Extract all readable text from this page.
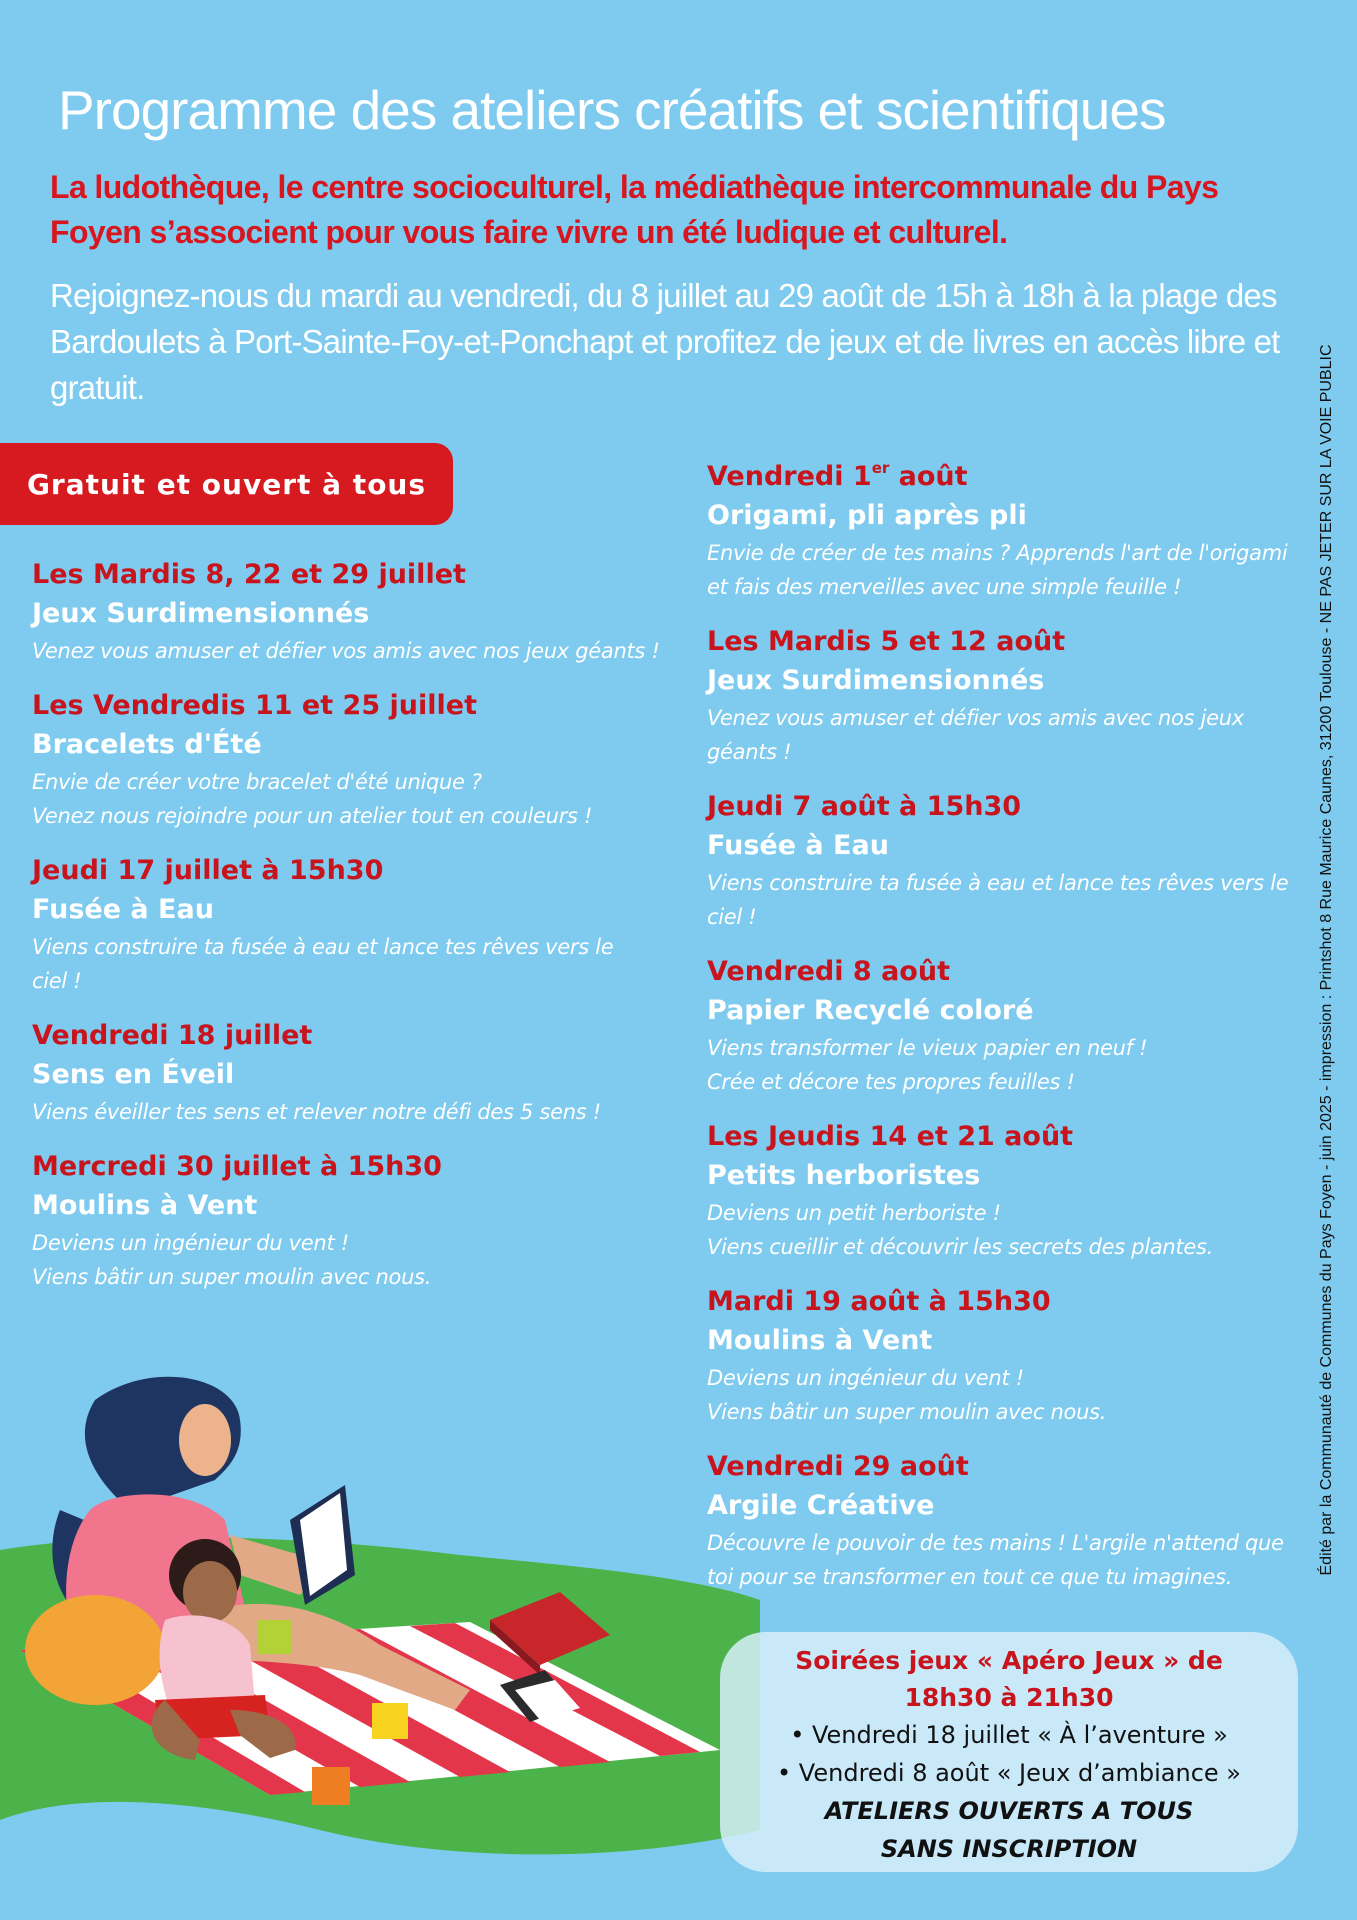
Programme des ateliers créatifs et scientifiques
La ludothèque, le centre socioculturel, la médiathèque intercommunale du Pays Foyen s’associent pour vous faire vivre un été ludique et culturel.
Rejoignez-nous du mardi au vendredi, du 8 juillet au 29 août de 15h à 18h à la plage des Bardoulets à Port-Sainte-Foy-et-Ponchapt et profitez de jeux et de livres en accès libre et gratuit.
Gratuit et ouvert à tous
Les Mardis 8, 22 et 29 juillet
Jeux Surdimensionnés
Venez vous amuser et défier vos amis avec nos jeux géants !
Les Vendredis 11 et 25 juillet
Bracelets d'Été
Envie de créer votre bracelet d'été unique ?
Venez nous rejoindre pour un atelier tout en couleurs !
Jeudi 17 juillet à 15h30
Fusée à Eau
Viens construire ta fusée à eau et lance tes rêves vers le
ciel !
Vendredi 18 juillet
Sens en Éveil
Viens éveiller tes sens et relever notre défi des 5 sens !
Mercredi 30 juillet à 15h30
Moulins à Vent
Deviens un ingénieur du vent !
Viens bâtir un super moulin avec nous.
Vendredi 1er août
Origami, pli après pli
Envie de créer de tes mains ? Apprends l'art de l'origami
et fais des merveilles avec une simple feuille !
Les Mardis 5 et 12 août
Jeux Surdimensionnés
Venez vous amuser et défier vos amis avec nos jeux
géants !
Jeudi 7 août à 15h30
Fusée à Eau
Viens construire ta fusée à eau et lance tes rêves vers le
ciel !
Vendredi 8 août
Papier Recyclé coloré
Viens transformer le vieux papier en neuf !
Crée et décore tes propres feuilles !
Les Jeudis 14 et 21 août
Petits herboristes
Deviens un petit herboriste !
Viens cueillir et découvrir les secrets des plantes.
Mardi 19 août à 15h30
Moulins à Vent
Deviens un ingénieur du vent !
Viens bâtir un super moulin avec nous.
Vendredi 29 août
Argile Créative
Découvre le pouvoir de tes mains ! L'argile n'attend que
toi pour se transformer en tout ce que tu imagines.
Soirées jeux « Apéro Jeux » de 18h30 à 21h30
• Vendredi 18 juillet « À l’aventure »
• Vendredi 8 août « Jeux d’ambiance »
ATELIERS OUVERTS A TOUS
SANS INSCRIPTION
Édité par la Communauté de Communes du Pays Foyen - juin 2025 - impression : Printshot 8 Rue Maurice Caunes, 31200 Toulouse - NE PAS JETER SUR LA VOIE PUBLIC
